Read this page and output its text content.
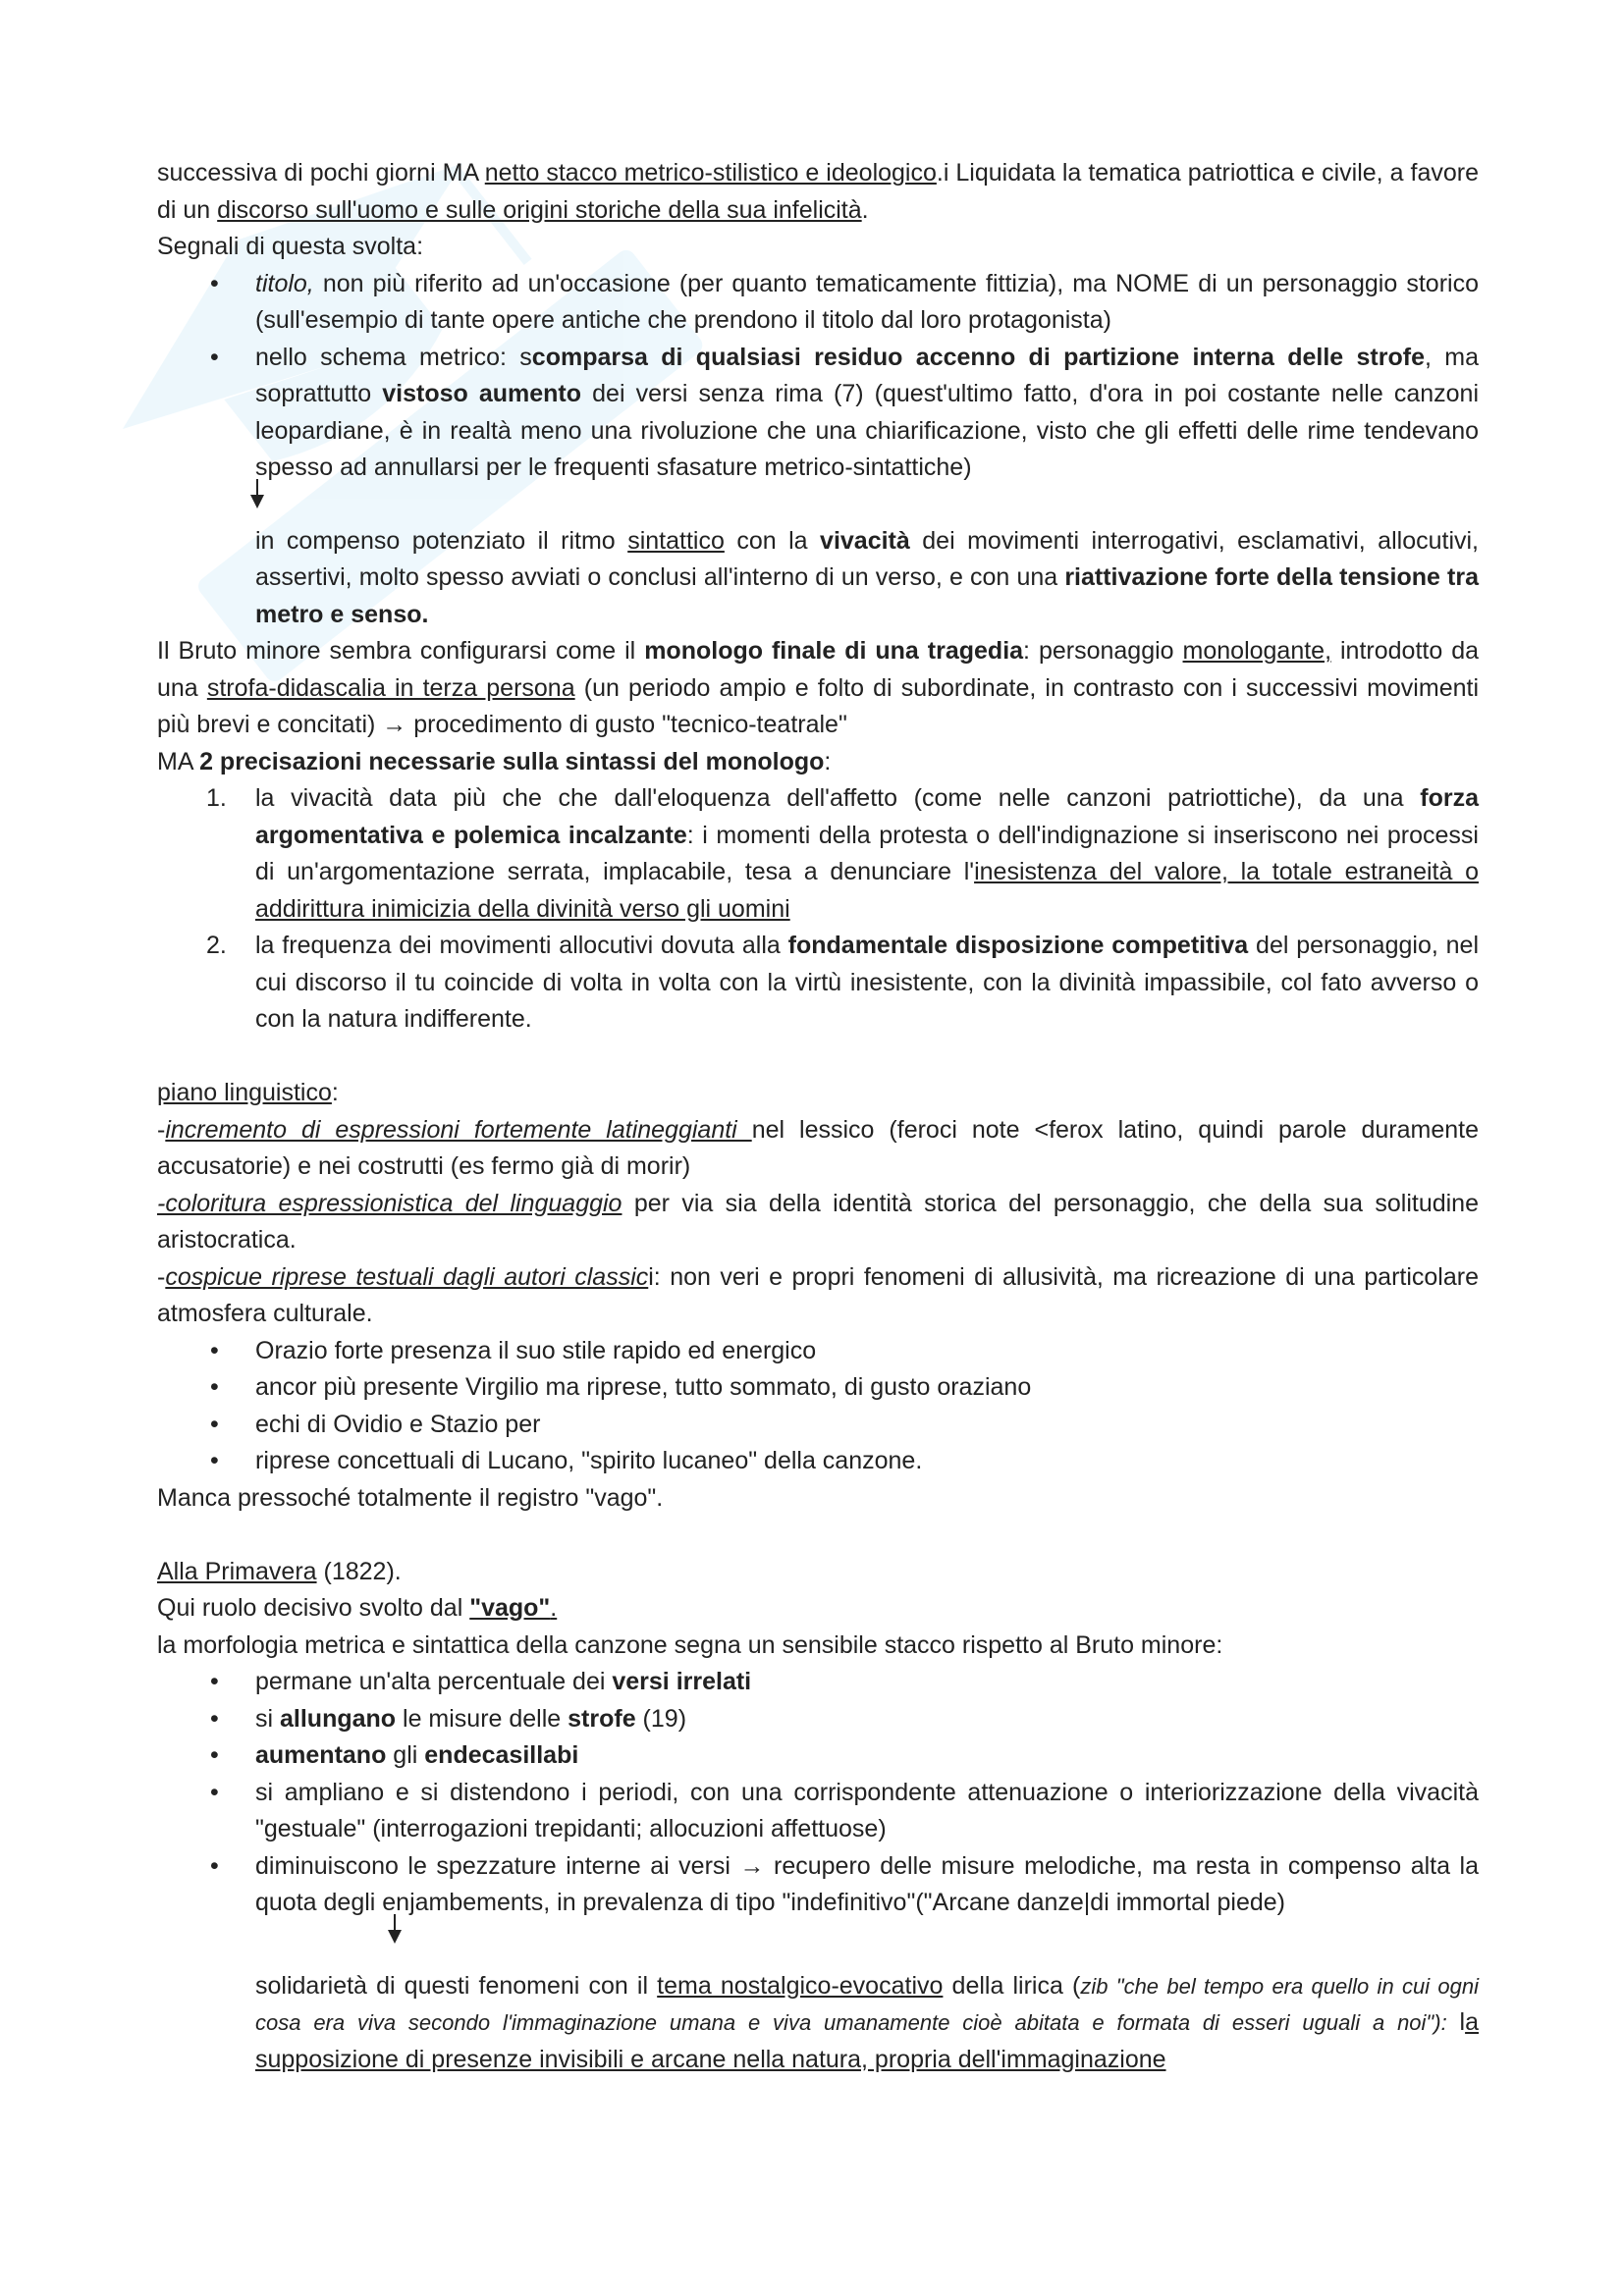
successiva di pochi giorni MA netto stacco metrico-stilistico e ideologico.i Liquidata la tematica patriottica e civile, a favore di un discorso sull'uomo e sulle origini storiche della sua infelicità.

Segnali di questa svolta:

• titolo, non più riferito ad un'occasione (per quanto tematicamente fittizia), ma NOME di un personaggio storico (sull'esempio di tante opere antiche che prendono il titolo dal loro protagonista)
• nello schema metrico: scomparsa di qualsiasi residuo accenno di partizione interna delle strofe, ma soprattutto vistoso aumento dei versi senza rima (7) (quest'ultimo fatto, d'ora in poi costante nelle canzoni leopardiane, è in realtà meno una rivoluzione che una chiarificazione, visto che gli effetti delle rime tendevano spesso ad annullarsi per le frequenti sfasature metrico-sintattiche)

in compenso potenziato il ritmo sintattico con la vivacità dei movimenti interrogativi, esclamativi, allocutivi, assertivi, molto spesso avviati o conclusi all'interno di un verso, e con una riattivazione forte della tensione tra metro e senso.

Il Bruto minore sembra configurarsi come il monologo finale di una tragedia: personaggio monologante, introdotto da una strofa-didascalia in terza persona (un periodo ampio e folto di subordinate, in contrasto con i successivi movimenti più brevi e concitati) → procedimento di gusto "tecnico-teatrale"

MA 2 precisazioni necessarie sulla sintassi del monologo:

1. la vivacità data più che che dall'eloquenza dell'affetto (come nelle canzoni patriottiche), da una forza argomentativa e polemica incalzante: i momenti della protesta o dell'indignazione si inseriscono nei processi di un'argomentazione serrata, implacabile, tesa a denunciare l'inesistenza del valore, la totale estraneità o addirittura inimicizia della divinità verso gli uomini
2. la frequenza dei movimenti allocutivi dovuta alla fondamentale disposizione competitiva del personaggio, nel cui discorso il tu coincide di volta in volta con la virtù inesistente, con la divinità impassibile, col fato avverso o con la natura indifferente.

piano linguistico:

-incremento di espressioni fortemente latineggianti nel lessico (feroci note <ferox latino, quindi parole duramente accusatorie) e nei costrutti (es fermo già di morir)

-coloritura espressionistica del linguaggio per via sia della identità storica del personaggio, che della sua solitudine aristocratica.

-cospicue riprese testuali dagli autori classici: non veri e propri fenomeni di allusività, ma ricreazione di una particolare atmosfera culturale.

• Orazio forte presenza il suo stile rapido ed energico
• ancor più presente Virgilio ma riprese, tutto sommato, di gusto oraziano
• echi di Ovidio e Stazio per
• riprese concettuali di Lucano, "spirito lucaneo" della canzone.

Manca pressoché totalmente il registro "vago".

Alla Primavera (1822).

Qui ruolo decisivo svolto dal "vago".

la morfologia metrica e sintattica della canzone segna un sensibile stacco rispetto al Bruto minore:

• permane un'alta percentuale dei versi irrelati
• si allungano le misure delle strofe (19)
• aumentano gli endecasillabi
• si ampliano e si distendono i periodi, con una corrispondente attenuazione o interiorizzazione della vivacità "gestuale" (interrogazioni trepidanti; allocuzioni affettuose)
• diminuiscono le spezzature interne ai versi → recupero delle misure melodiche, ma resta in compenso alta la quota degli enjambements, in prevalenza di tipo "indefinitivo"("Arcane danze|di immortal piede)

solidarietà di questi fenomeni con il tema nostalgico-evocativo della lirica (zib "che bel tempo era quello in cui ogni cosa era viva secondo l'immaginazione umana e viva umanamente cioè abitata e formata di esseri uguali a noi"): la supposizione di presenze invisibili e arcane nella natura, propria dell'immaginazione
